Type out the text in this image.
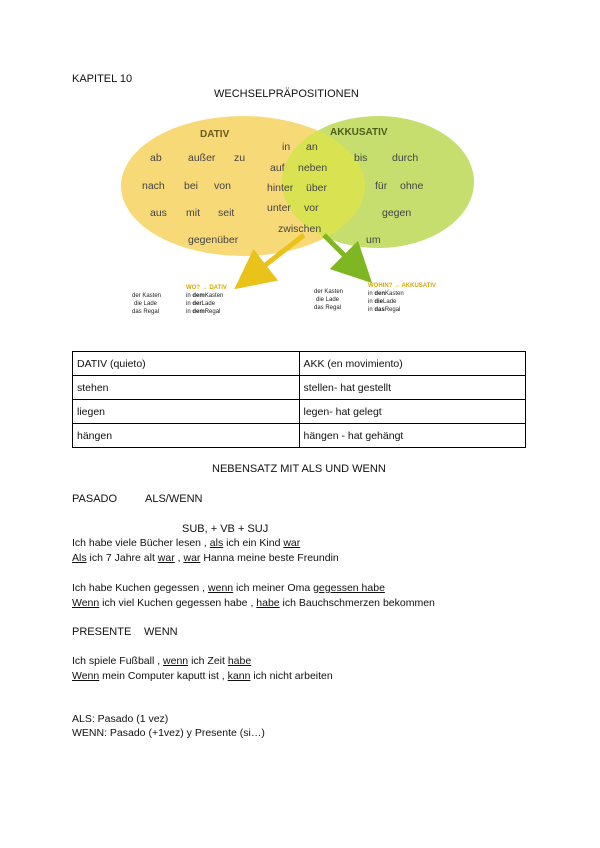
KAPITEL 10
WECHSELPRÄPOSITIONEN
DATIV	AKKUSATIV
ab	außer zu
nach bei von
aus mit seit
gegenüber
in an
auf neben
hinter über
unter vor
zwischen
bis durch
für ohne
gegen
um
WO? → DATIV	WOHIN? → AKKUSATIV
der Kasten
die Lade
das Regal
in demKasten
in derLade
in demRegal
der Kasten
die Lade
das Regal
in denKasten
in dieLade
in dasRegal
DATIV (quieto)	AKK (en movimiento)
stehen	stellen- hat gestellt
liegen	legen- hat gelegt
hängen	hängen - hat gehängt
NEBENSATZ MIT ALS UND WENN
PASADO	ALS/WENN
SUB, + VB + SUJ
Ich habe viele Bücher lesen , als ich ein Kind war
Als ich 7 Jahre alt war , war Hanna meine beste Freundin
Ich habe Kuchen gegessen , wenn ich meiner Oma gegessen habe
Wenn ich viel Kuchen gegessen habe , habe ich Bauchschmerzen bekommen
PRESENTE WENN
Ich spiele Fußball , wenn ich Zeit habe
Wenn mein Computer kaputt ist , kann ich nicht arbeiten
ALS: Pasado (1 vez)
WENN: Pasado (+1vez) y Presente (si…)
